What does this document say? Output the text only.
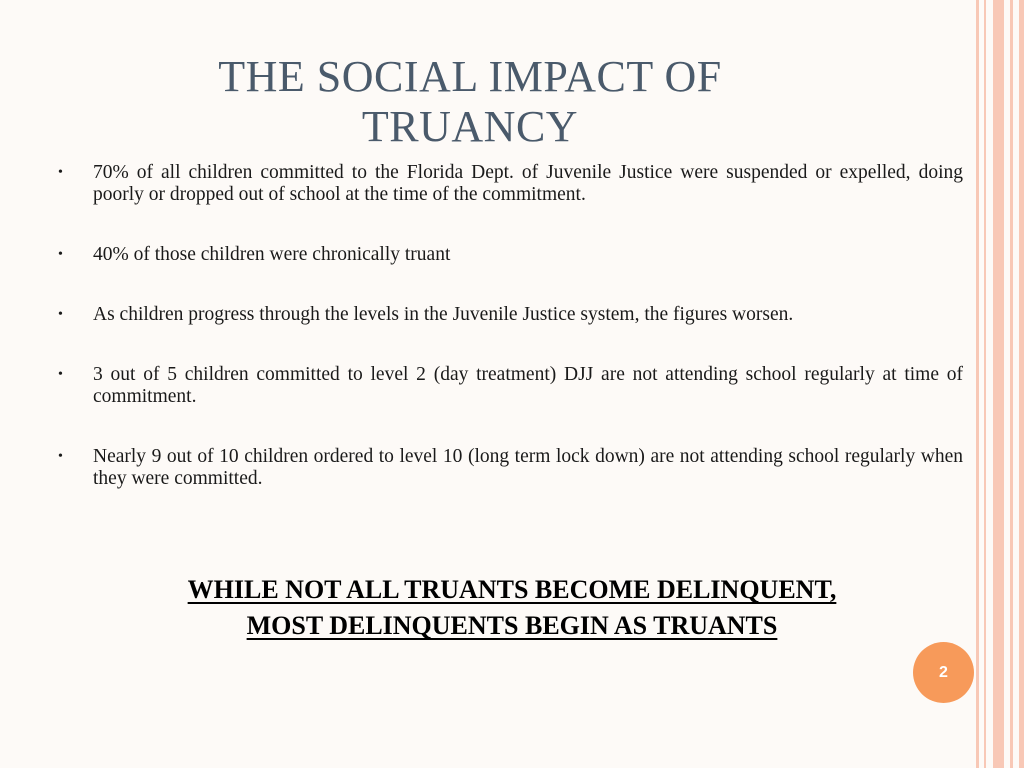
THE SOCIAL IMPACT OF
TRUANCY
• 70% of all children committed to the Florida Dept. of Juvenile Justice were suspended or expelled, doing poorly or dropped out of school at the time of the commitment.
• 40% of those children were chronically truant
• As children progress through the levels in the Juvenile Justice system, the figures worsen.
• 3 out of 5 children committed to level 2 (day treatment) DJJ are not attending school regularly at time of commitment.
• Nearly 9 out of 10 children ordered to level 10 (long term lock down) are not attending school regularly when they were committed.
WHILE NOT ALL TRUANTS BECOME DELINQUENT,
MOST DELINQUENTS BEGIN AS TRUANTS
2
